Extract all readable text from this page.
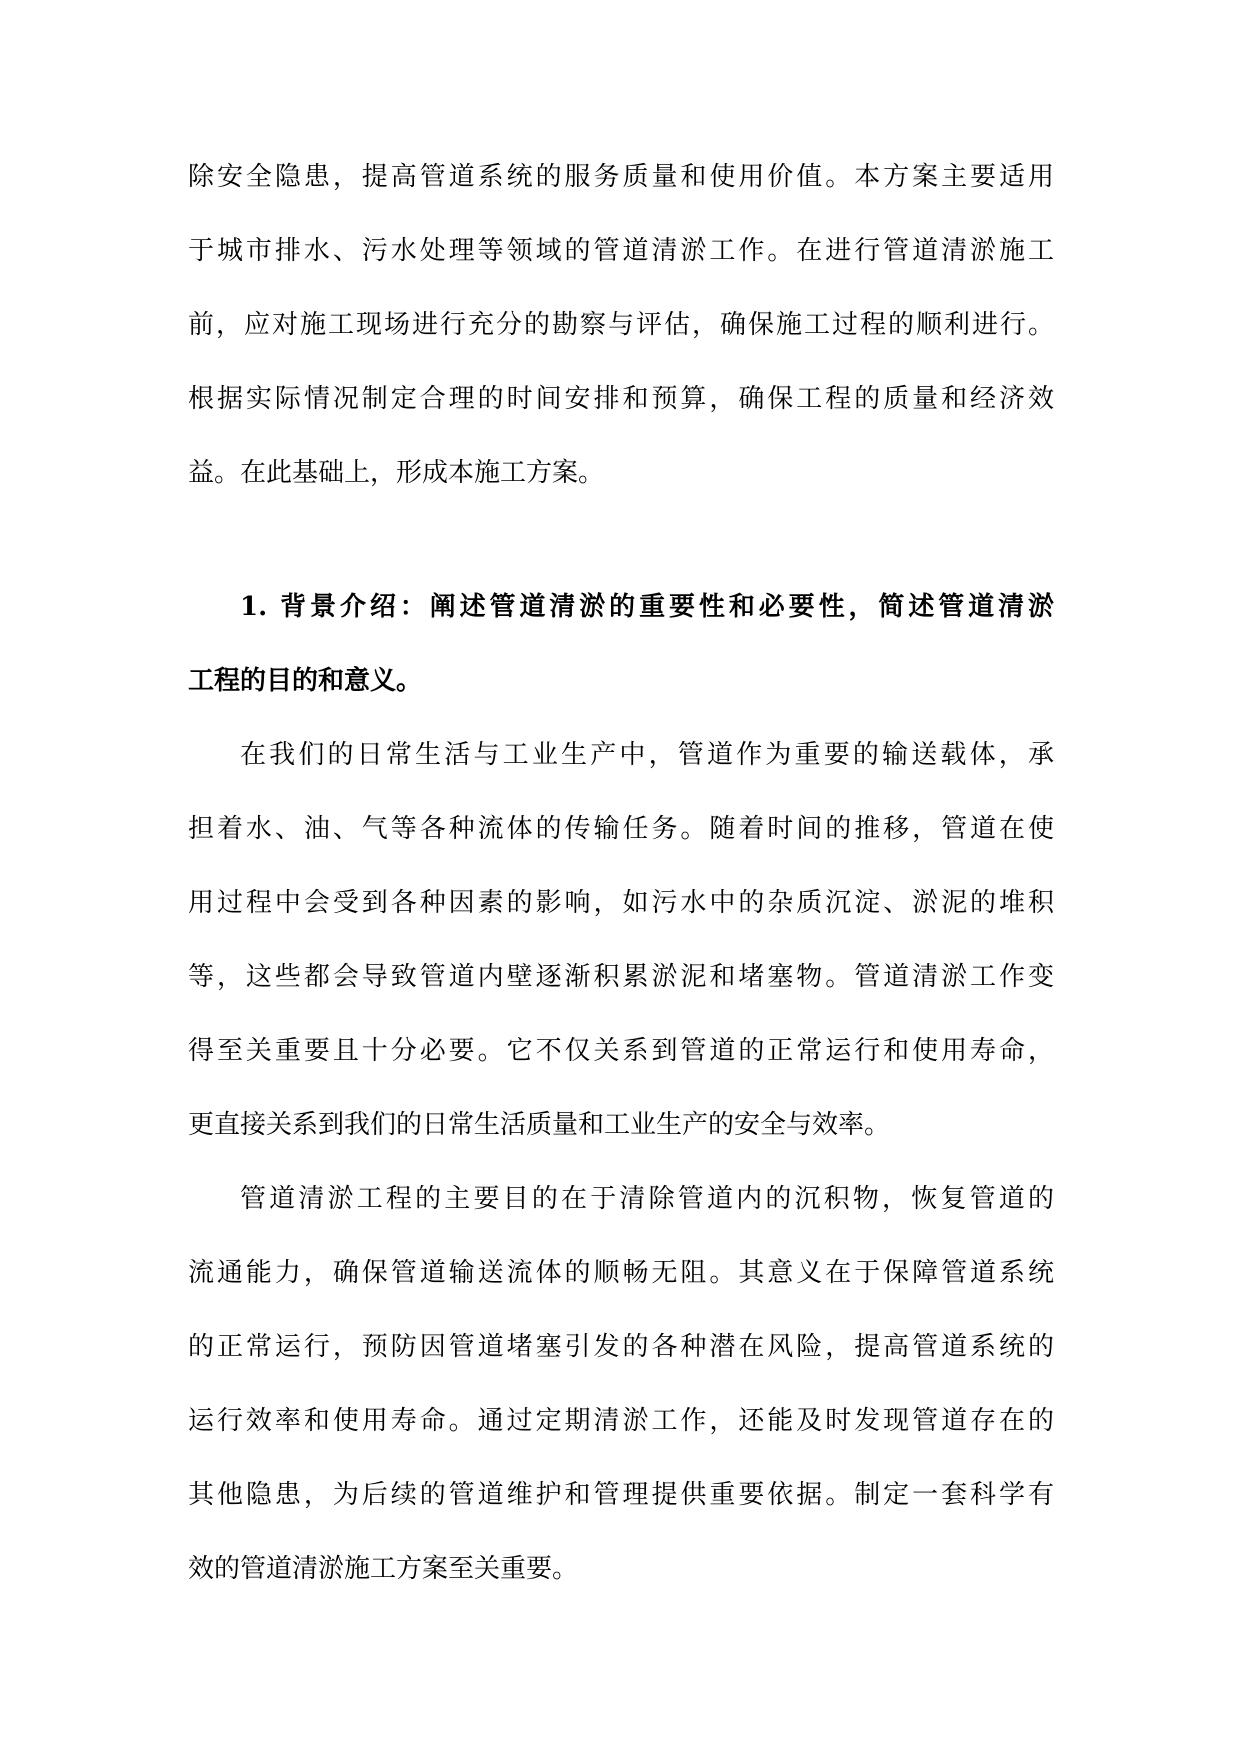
除安全隐患，提高管道系统的服务质量和使用价值。本方案主要适用
于城市排水、污水处理等领域的管道清淤工作。在进行管道清淤施工
前，应对施工现场进行充分的勘察与评估，确保施工过程的顺利进行。
根据实际情况制定合理的时间安排和预算，确保工程的质量和经济效
益。在此基础上，形成本施工方案。

1. 背景介绍：阐述管道清淤的重要性和必要性，简述管道清淤
工程的目的和意义。

在我们的日常生活与工业生产中，管道作为重要的输送载体，承
担着水、油、气等各种流体的传输任务。随着时间的推移，管道在使
用过程中会受到各种因素的影响，如污水中的杂质沉淀、淤泥的堆积
等，这些都会导致管道内壁逐渐积累淤泥和堵塞物。管道清淤工作变
得至关重要且十分必要。它不仅关系到管道的正常运行和使用寿命，
更直接关系到我们的日常生活质量和工业生产的安全与效率。

管道清淤工程的主要目的在于清除管道内的沉积物，恢复管道的
流通能力，确保管道输送流体的顺畅无阻。其意义在于保障管道系统
的正常运行，预防因管道堵塞引发的各种潜在风险，提高管道系统的
运行效率和使用寿命。通过定期清淤工作，还能及时发现管道存在的
其他隐患，为后续的管道维护和管理提供重要依据。制定一套科学有
效的管道清淤施工方案至关重要。
